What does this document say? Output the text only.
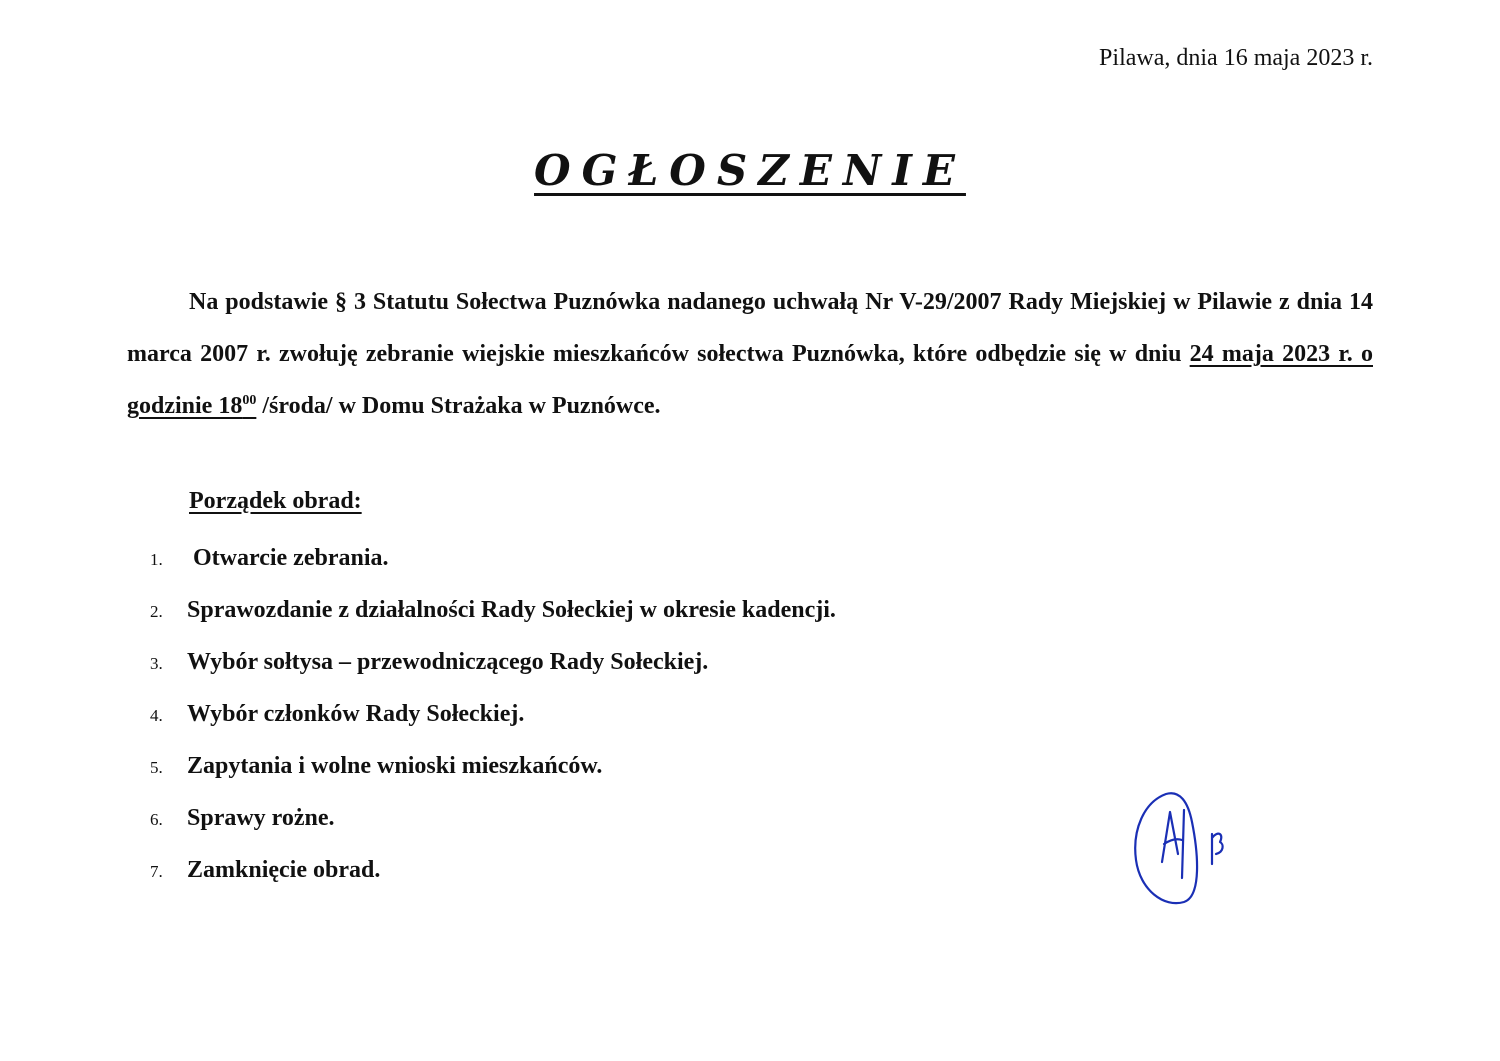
Pilawa, dnia 16 maja 2023 r.
OGŁOSZENIE
Na podstawie § 3 Statutu Sołectwa Puznówka nadanego uchwałą Nr V-29/2007 Rady Miejskiej w Pilawie z dnia 14 marca 2007 r. zwołuję zebranie wiejskie mieszkańców sołectwa Puznówka, które odbędzie się w dniu 24 maja 2023 r. o godzinie $18^{00}$ /środa/ w Domu Strażaka w Puznówce.
Porządek obrad:
1. Otwarcie zebrania.
2. Sprawozdanie z działalności Rady Sołeckiej w okresie kadencji.
3. Wybór sołtysa – przewodniczącego Rady Sołeckiej.
4. Wybór członków Rady Sołeckiej.
5. Zapytania i wolne wnioski mieszkańców.
6. Sprawy rożne.
7. Zamknięcie obrad.
